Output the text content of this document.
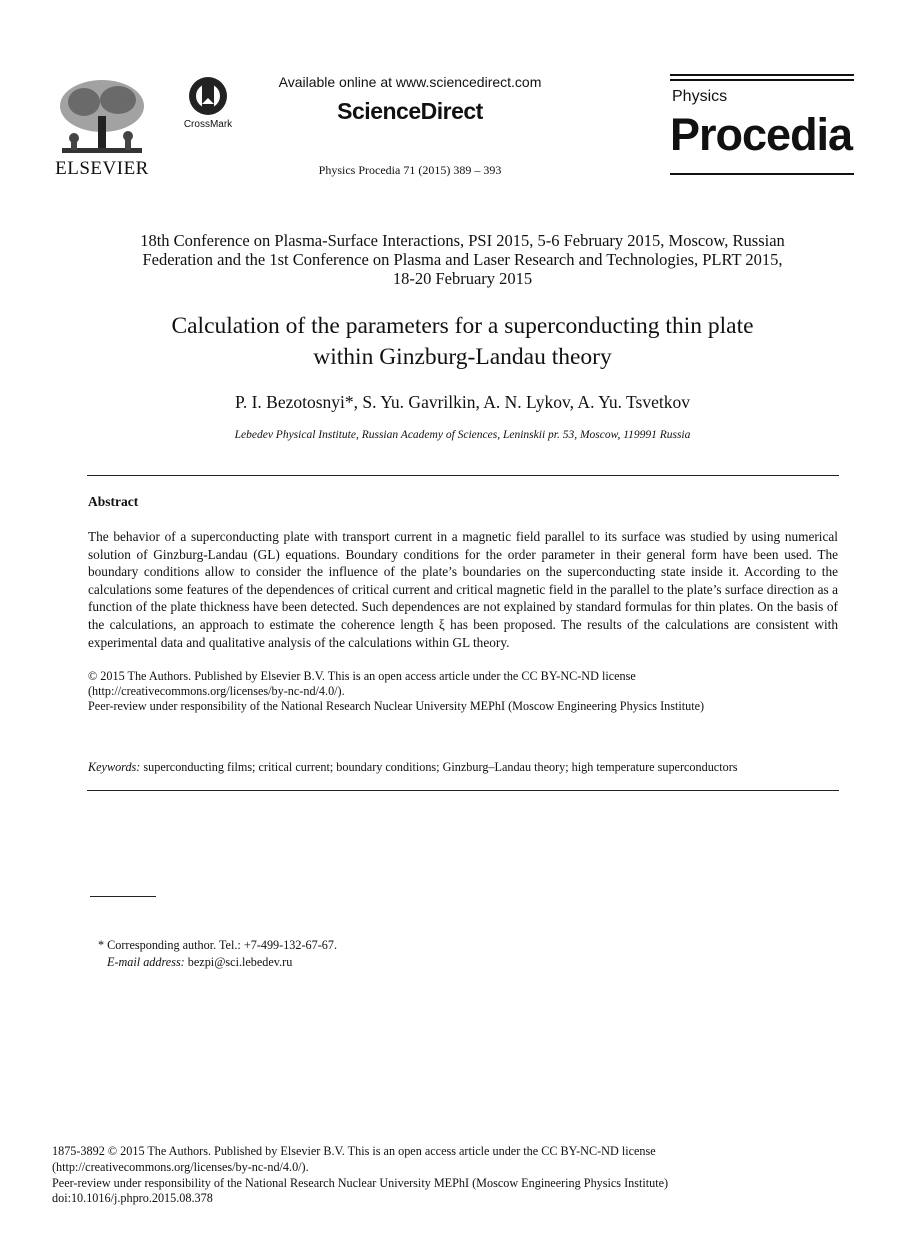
ELSEVIER
CrossMark
Available online at www.sciencedirect.com
ScienceDirect
Physics Procedia 71 (2015) 389 – 393
Physics
Procedia
18th Conference on Plasma-Surface Interactions, PSI 2015, 5-6 February 2015, Moscow, Russian
Federation and the 1st Conference on Plasma and Laser Research and Technologies, PLRT 2015,
18-20 February 2015
Calculation of the parameters for a superconducting thin plate
within Ginzburg-Landau theory
P. I. Bezotosnyi*, S. Yu. Gavrilkin, A. N. Lykov, A. Yu. Tsvetkov
Lebedev Physical Institute, Russian Academy of Sciences, Leninskii pr. 53, Moscow, 119991 Russia
Abstract
The behavior of a superconducting plate with transport current in a magnetic field parallel to its surface was studied by using numerical solution of Ginzburg-Landau (GL) equations. Boundary conditions for the order parameter in their general form have been used. The boundary conditions allow to consider the influence of the plate’s boundaries on the superconducting state inside it. According to the calculations some features of the dependences of critical current and critical magnetic field in the parallel to the plate’s surface direction as a function of the plate thickness have been detected. Such dependences are not explained by standard formulas for thin plates. On the basis of the calculations, an approach to estimate the coherence length ξ has been proposed. The results of the calculations are consistent with experimental data and qualitative analysis of the calculations within GL theory.
© 2015 The Authors. Published by Elsevier B.V. This is an open access article under the CC BY-NC-ND license
(http://creativecommons.org/licenses/by-nc-nd/4.0/).
Peer-review under responsibility of the National Research Nuclear University MEPhI (Moscow Engineering Physics Institute)
Keywords: superconducting films; critical current; boundary conditions; Ginzburg–Landau theory; high temperature superconductors
* Corresponding author. Tel.: +7-499-132-67-67.
E-mail address: bezpi@sci.lebedev.ru
1875-3892 © 2015 The Authors. Published by Elsevier B.V. This is an open access article under the CC BY-NC-ND license
(http://creativecommons.org/licenses/by-nc-nd/4.0/).
Peer-review under responsibility of the National Research Nuclear University MEPhI (Moscow Engineering Physics Institute)
doi:10.1016/j.phpro.2015.08.378
